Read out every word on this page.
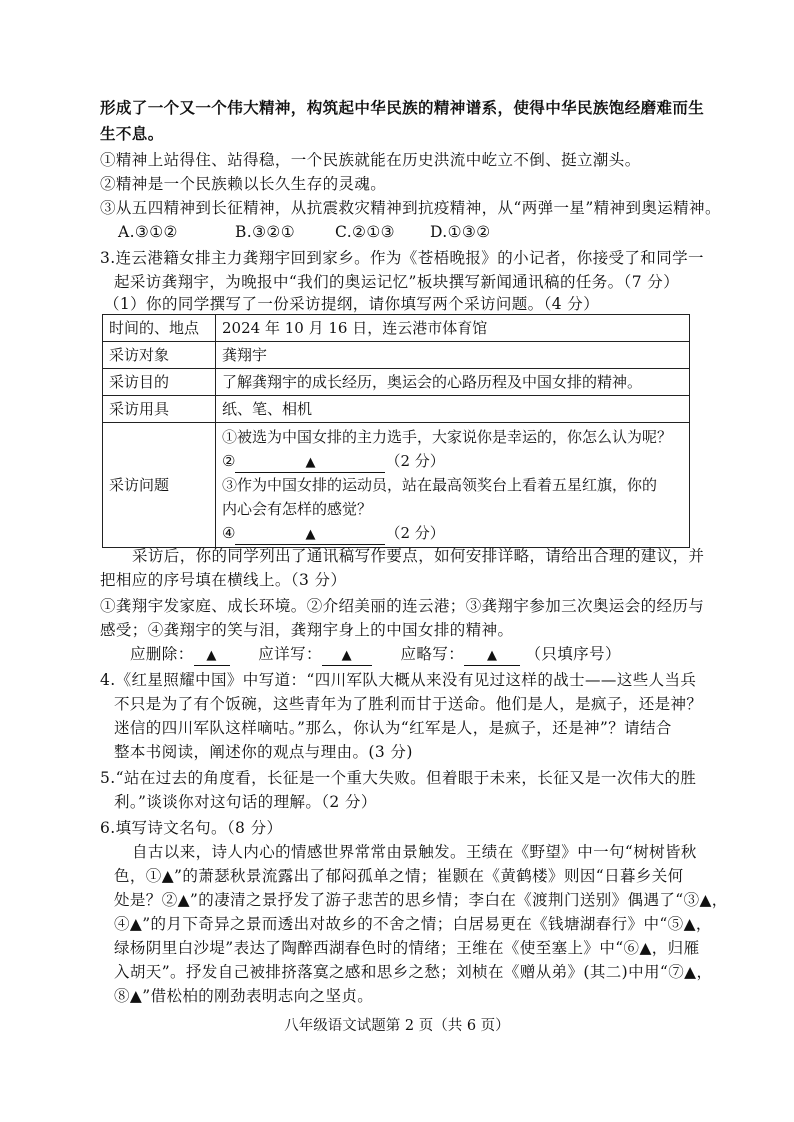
形成了一个又一个伟大精神，构筑起中华民族的精神谱系，使得中华民族饱经磨难而生
生不息。
①精神上站得住、站得稳，一个民族就能在历史洪流中屹立不倒、挺立潮头。
②精神是一个民族赖以长久生存的灵魂。
③从五四精神到长征精神，从抗震救灾精神到抗疫精神，从“两弹一星”精神到奥运精神。
A.③①②	B.③②①	C.②①③ D.①③②
3.连云港籍女排主力龚翔宇回到家乡。作为《苍梧晚报》的小记者，你接受了和同学一
起采访龚翔宇，为晚报中“我们的奥运记忆”板块撰写新闻通讯稿的任务。（7 分）
（1）你的同学撰写了一份采访提纲，请你填写两个采访问题。（4 分）
时间的、地点	2024 年 10 月 16 日，连云港市体育馆
采访对象	龚翔宇
采访目的	了解龚翔宇的成长经历，奥运会的心路历程及中国女排的精神。
采访用具	纸、笔、相机
采访问题	①被选为中国女排的主力选手，大家说你是幸运的，你怎么认为呢？
② ▲ （2 分）
③作为中国女排的运动员，站在最高领奖台上看着五星红旗，你的
内心会有怎样的感觉？
④ ▲ （2 分）
采访后，你的同学列出了通讯稿写作要点，如何安排详略，请给出合理的建议，并
把相应的序号填在横线上。（3 分）
①龚翔宇发家庭、成长环境。②介绍美丽的连云港；③龚翔宇参加三次奥运会的经历与
感受；④龚翔宇的笑与泪，龚翔宇身上的中国女排的精神。
应删除： ▲	应详写： ▲	应略写： ▲ （只填序号）
4.《红星照耀中国》中写道：“四川军队大概从来没有见过这样的战士——这些人当兵
不只是为了有个饭碗，这些青年为了胜利而甘于送命。他们是人，是疯子，还是神？
迷信的四川军队这样嘀咕。”那么，你认为“红军是人，是疯子，还是神”？请结合
整本书阅读，阐述你的观点与理由。(3 分)
5.“站在过去的角度看，长征是一个重大失败。但着眼于未来，长征又是一次伟大的胜
利。”谈谈你对这句话的理解。（2 分）
6.填写诗文名句。（8 分）
自古以来，诗人内心的情感世界常常由景触发。王绩在《野望》中一句“树树皆秋
色，①▲”的萧瑟秋景流露出了郁闷孤单之情；崔颢在《黄鹤楼》则因“日暮乡关何
处是？②▲”的凄清之景抒发了游子悲苦的思乡情；李白在《渡荆门送别》偶遇了“③▲，
④▲”的月下奇异之景而透出对故乡的不舍之情；白居易更在《钱塘湖春行》中“⑤▲，
绿杨阴里白沙堤”表达了陶醉西湖春色时的情绪；王维在《使至塞上》中“⑥▲，归雁
入胡天”。抒发自己被排挤落寞之感和思乡之愁；刘桢在《赠从弟》(其二)中用“⑦▲，
⑧▲”借松柏的刚劲表明志向之坚贞。
八年级语文试题第 2 页（共 6 页）
